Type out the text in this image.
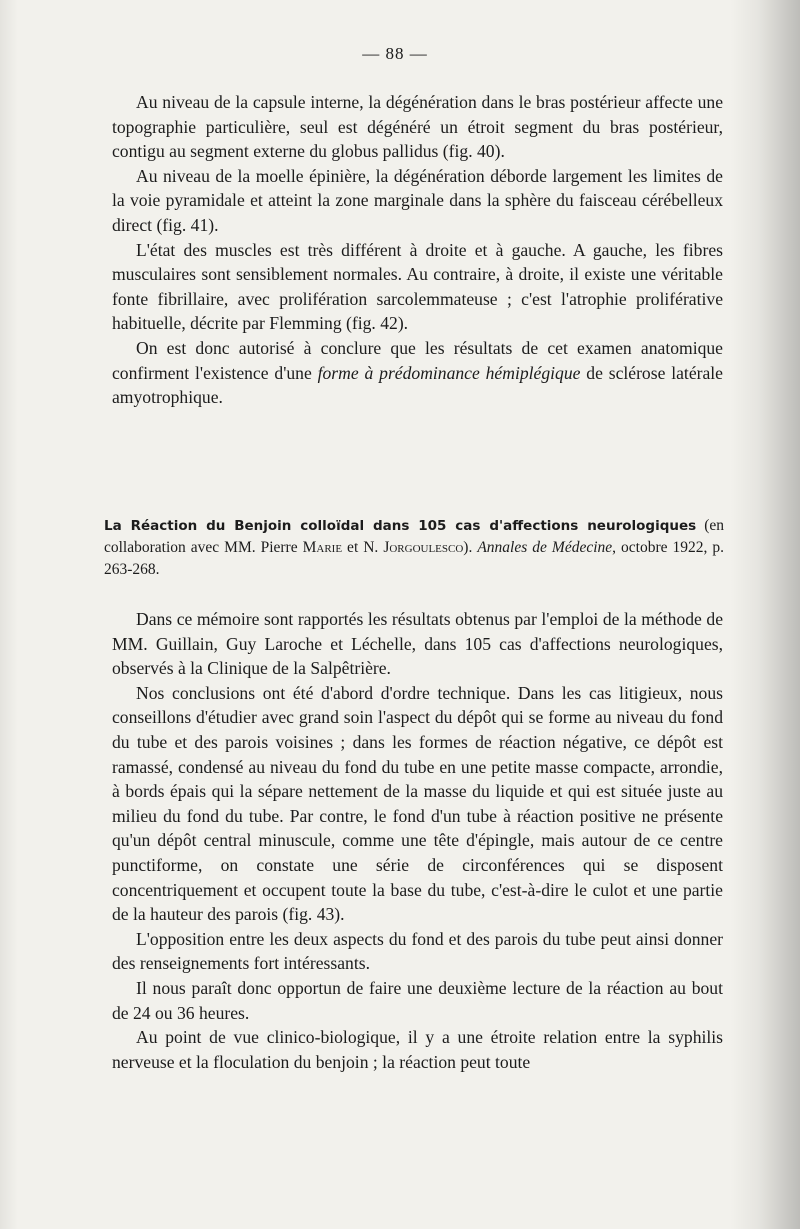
— 88 —

Au niveau de la capsule interne, la dégénération dans le bras postérieur affecte une topographie particulière, seul est dégénéré un étroit segment du bras postérieur, contigu au segment externe du globus pallidus (fig. 40).

Au niveau de la moelle épinière, la dégénération déborde largement les limites de la voie pyramidale et atteint la zone marginale dans la sphère du faisceau cérébelleux direct (fig. 41).

L'état des muscles est très différent à droite et à gauche. A gauche, les fibres musculaires sont sensiblement normales. Au contraire, à droite, il existe une véritable fonte fibrillaire, avec prolifération sarcolemmateuse ; c'est l'atrophie proliférative habituelle, décrite par Flemming (fig. 42).

On est donc autorisé à conclure que les résultats de cet examen anatomique confirment l'existence d'une forme à prédominance hémiplégique de sclérose latérale amyotrophique.

La Réaction du Benjoin colloïdal dans 105 cas d'affections neurologiques (en collaboration avec MM. Pierre Marie et N. Jorgoulesco). Annales de Médecine, octobre 1922, p. 263-268.

Dans ce mémoire sont rapportés les résultats obtenus par l'emploi de la méthode de MM. Guillain, Guy Laroche et Léchelle, dans 105 cas d'affections neurologiques, observés à la Clinique de la Salpêtrière.

Nos conclusions ont été d'abord d'ordre technique. Dans les cas litigieux, nous conseillons d'étudier avec grand soin l'aspect du dépôt qui se forme au niveau du fond du tube et des parois voisines ; dans les formes de réaction négative, ce dépôt est ramassé, condensé au niveau du fond du tube en une petite masse compacte, arrondie, à bords épais qui la sépare nettement de la masse du liquide et qui est située juste au milieu du fond du tube. Par contre, le fond d'un tube à réaction positive ne présente qu'un dépôt central minuscule, comme une tête d'épingle, mais autour de ce centre punctiforme, on constate une série de circonférences qui se disposent concentriquement et occupent toute la base du tube, c'est-à-dire le culot et une partie de la hauteur des parois (fig. 43).

L'opposition entre les deux aspects du fond et des parois du tube peut ainsi donner des renseignements fort intéressants.

Il nous paraît donc opportun de faire une deuxième lecture de la réaction au bout de 24 ou 36 heures.

Au point de vue clinico-biologique, il y a une étroite relation entre la syphilis nerveuse et la floculation du benjoin ; la réaction peut toute
